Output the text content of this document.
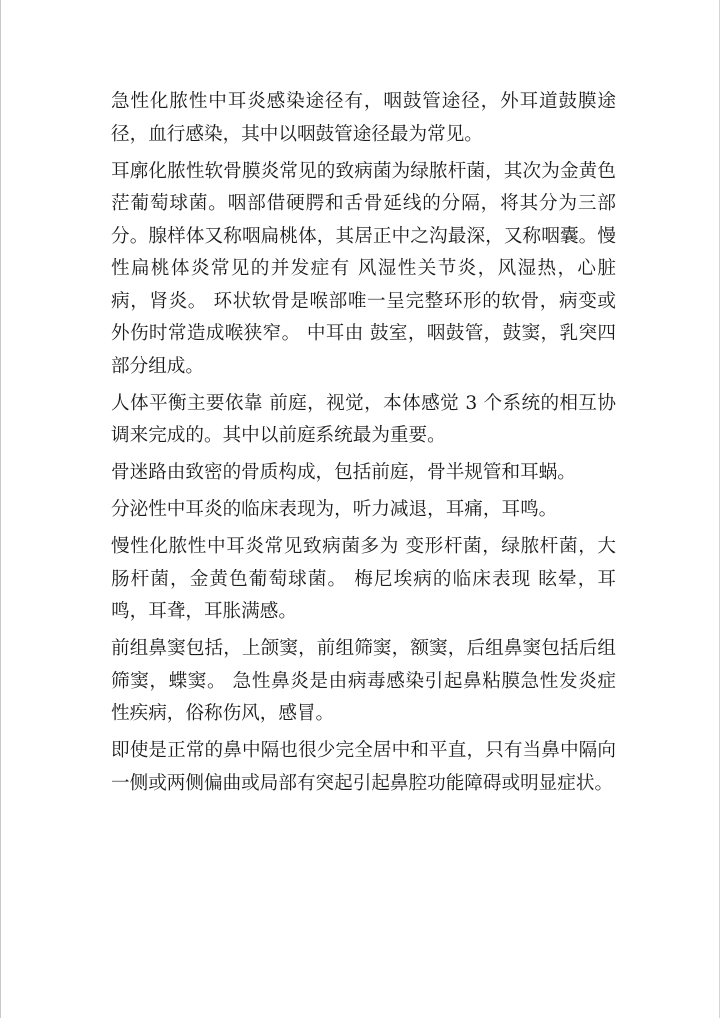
急性化脓性中耳炎感染途径有，咽鼓管途径，外耳道鼓膜途径，血行感染，其中以咽鼓管途径最为常见。

耳廓化脓性软骨膜炎常见的致病菌为绿脓杆菌，其次为金黄色茫葡萄球菌。咽部借硬腭和舌骨延线的分隔，将其分为三部分。腺样体又称咽扁桃体，其居正中之沟最深，又称咽囊。慢性扁桃体炎常见的并发症有 风湿性关节炎，风湿热，心脏病，肾炎。 环状软骨是喉部唯一呈完整环形的软骨，病变或外伤时常造成喉狭窄。 中耳由 鼓室，咽鼓管，鼓窦，乳突四部分组成。

人体平衡主要依靠 前庭，视觉，本体感觉 3 个系统的相互协调来完成的。其中以前庭系统最为重要。

骨迷路由致密的骨质构成，包括前庭，骨半规管和耳蜗。

分泌性中耳炎的临床表现为，听力减退，耳痛，耳鸣。

慢性化脓性中耳炎常见致病菌多为 变形杆菌，绿脓杆菌，大肠杆菌，金黄色葡萄球菌。 梅尼埃病的临床表现 眩晕，耳鸣，耳聋，耳胀满感。

前组鼻窦包括，上颌窦，前组筛窦，额窦，后组鼻窦包括后组筛窦，蝶窦。 急性鼻炎是由病毒感染引起鼻粘膜急性发炎症性疾病，俗称伤风，感冒。

即使是正常的鼻中隔也很少完全居中和平直，只有当鼻中隔向一侧或两侧偏曲或局部有突起引起鼻腔功能障碍或明显症状。
